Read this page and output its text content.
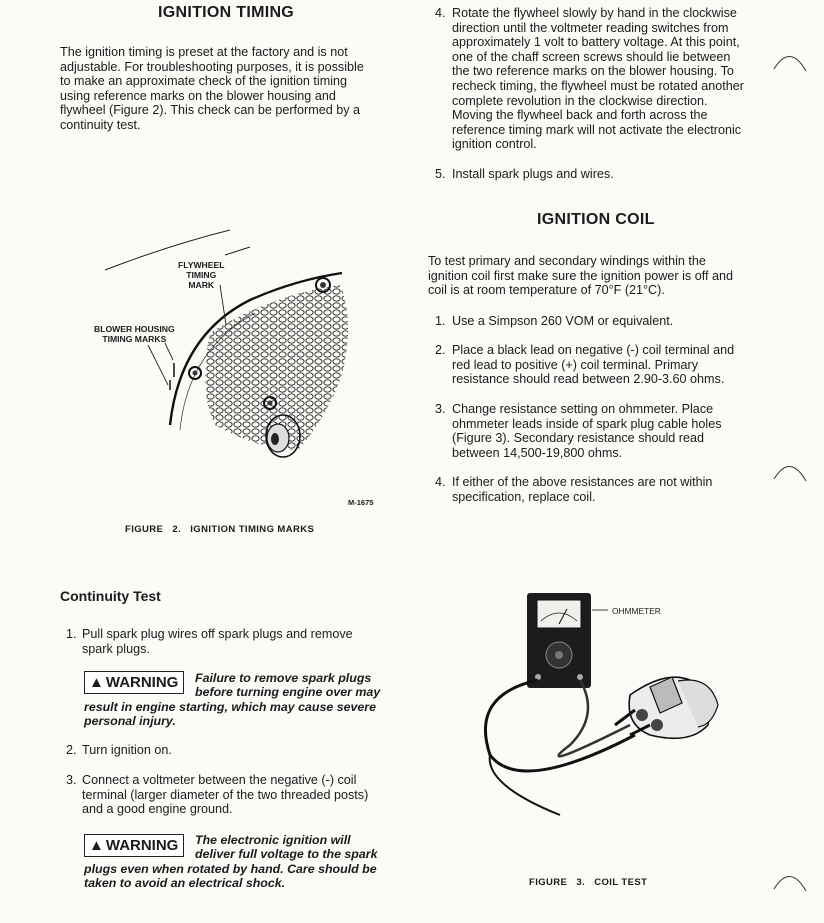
IGNITION TIMING
The ignition timing is preset at the factory and is not
adjustable. For troubleshooting purposes, it is possible
to make an approximate check of the ignition timing
using reference marks on the blower housing and
flywheel (Figure 2). This check can be performed by a
continuity test.
FLYWHEEL
TIMING
MARK
BLOWER HOUSING
TIMING MARKS
M-1675
FIGURE   2.   IGNITION TIMING MARKS
Continuity Test
1. Pull spark plug wires off spark plugs and remove
spark plugs.
▲ WARNING	Failure to remove spark plugs
before turning engine over may
result in engine starting, which may cause severe
personal injury.
2. Turn ignition on.
3. Connect a voltmeter between the negative (-) coil
terminal (larger diameter of the two threaded posts)
and a good engine ground.
▲ WARNING	The electronic ignition will
deliver full voltage to the spark
plugs even when rotated by hand. Care should be
taken to avoid an electrical shock.
4. Rotate the flywheel slowly by hand in the clockwise
direction until the voltmeter reading switches from
approximately 1 volt to battery voltage. At this point,
one of the chaff screen screws should lie between
the two reference marks on the blower housing. To
recheck timing, the flywheel must be rotated another
complete revolution in the clockwise direction.
Moving the flywheel back and forth across the
reference timing mark will not activate the electronic
ignition control.
5. Install spark plugs and wires.
IGNITION COIL
To test primary and secondary windings within the
ignition coil first make sure the ignition power is off and
coil is at room temperature of 70°F (21°C).
1. Use a Simpson 260 VOM or equivalent.
2. Place a black lead on negative (-) coil terminal and
red lead to positive (+) coil terminal. Primary
resistance should read between 2.90-3.60 ohms.
3. Change resistance setting on ohmmeter. Place
ohmmeter leads inside of spark plug cable holes
(Figure 3). Secondary resistance should read
between 14,500-19,800 ohms.
4. If either of the above resistances are not within
specification, replace coil.
OHMMETER
FIGURE   3.   COIL TEST
